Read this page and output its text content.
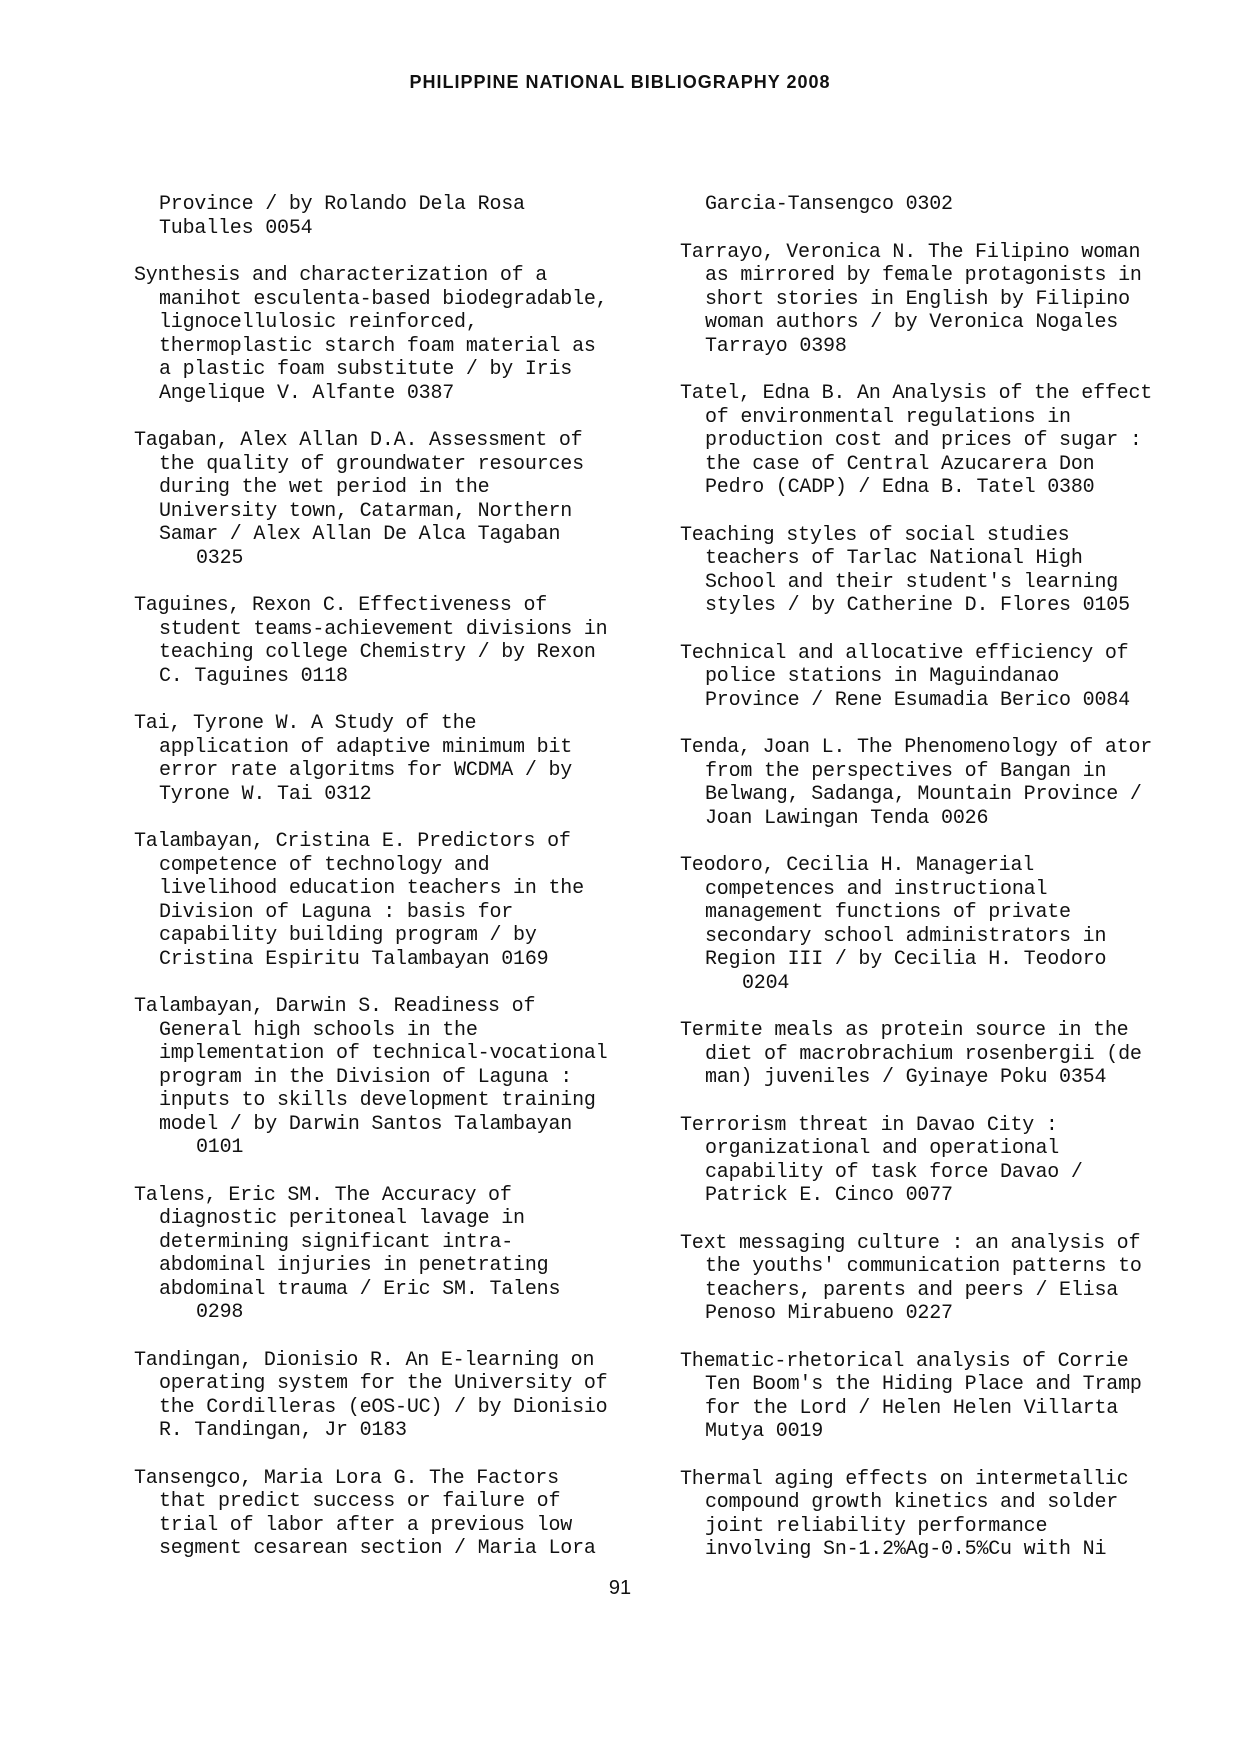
PHILIPPINE NATIONAL BIBLIOGRAPHY 2008
Province / by Rolando Dela Rosa
Tuballes 0054
Synthesis and characterization of a
manihot esculenta-based biodegradable,
lignocellulosic reinforced,
thermoplastic starch foam material as
a plastic foam substitute / by Iris
Angelique V. Alfante 0387
Tagaban, Alex Allan D.A. Assessment of
the quality of groundwater resources
during the wet period in the
University town, Catarman, Northern
Samar / Alex Allan De Alca Tagaban
0325
Taguines, Rexon C. Effectiveness of
student teams-achievement divisions in
teaching college Chemistry / by Rexon
C. Taguines 0118
Tai, Tyrone W. A Study of the
application of adaptive minimum bit
error rate algoritms for WCDMA / by
Tyrone W. Tai 0312
Talambayan, Cristina E. Predictors of
competence of technology and
livelihood education teachers in the
Division of Laguna : basis for
capability building program / by
Cristina Espiritu Talambayan 0169
Talambayan, Darwin S. Readiness of
General high schools in the
implementation of technical-vocational
program in the Division of Laguna :
inputs to skills development training
model / by Darwin Santos Talambayan
0101
Talens, Eric SM. The Accuracy of
diagnostic peritoneal lavage in
determining significant intra-
abdominal injuries in penetrating
abdominal trauma / Eric SM. Talens
0298
Tandingan, Dionisio R. An E-learning on
operating system for the University of
the Cordilleras (eOS-UC) / by Dionisio
R. Tandingan, Jr 0183
Tansengco, Maria Lora G. The Factors
that predict success or failure of
trial of labor after a previous low
segment cesarean section / Maria Lora
Garcia-Tansengco 0302
Tarrayo, Veronica N. The Filipino woman
as mirrored by female protagonists in
short stories in English by Filipino
woman authors / by Veronica Nogales
Tarrayo 0398
Tatel, Edna B. An Analysis of the effect
of environmental regulations in
production cost and prices of sugar :
the case of Central Azucarera Don
Pedro (CADP) / Edna B. Tatel 0380
Teaching styles of social studies
teachers of Tarlac National High
School and their student's learning
styles / by Catherine D. Flores 0105
Technical and allocative efficiency of
police stations in Maguindanao
Province / Rene Esumadia Berico 0084
Tenda, Joan L. The Phenomenology of ator
from the perspectives of Bangan in
Belwang, Sadanga, Mountain Province /
Joan Lawingan Tenda 0026
Teodoro, Cecilia H. Managerial
competences and instructional
management functions of private
secondary school administrators in
Region III / by Cecilia H. Teodoro
0204
Termite meals as protein source in the
diet of macrobrachium rosenbergii (de
man) juveniles / Gyinaye Poku 0354
Terrorism threat in Davao City :
organizational and operational
capability of task force Davao /
Patrick E. Cinco 0077
Text messaging culture : an analysis of
the youths' communication patterns to
teachers, parents and peers / Elisa
Penoso Mirabueno 0227
Thematic-rhetorical analysis of Corrie
Ten Boom's the Hiding Place and Tramp
for the Lord / Helen Helen Villarta
Mutya 0019
Thermal aging effects on intermetallic
compound growth kinetics and solder
joint reliability performance
involving Sn-1.2%Ag-0.5%Cu with Ni
91
